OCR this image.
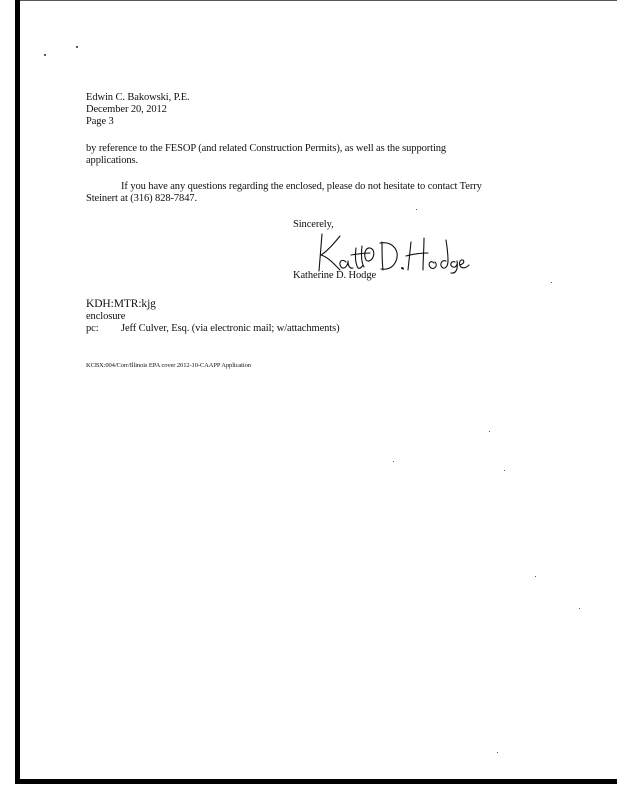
Edwin C. Bakowski, P.E.
December 20, 2012
Page 3
by reference to the FESOP (and related Construction Permits), as well as the supporting
applications.
If you have any questions regarding the enclosed, please do not hesitate to contact Terry
Steinert at (316) 828-7847.
Sincerely,
Katherine D. Hodge
KDH:MTR:kjg
enclosure
pc: Jeff Culver, Esq. (via electronic mail; w/attachments)
KCBX:004/Corr/Illinois EPA cover 2012-10-CAAPP Application
